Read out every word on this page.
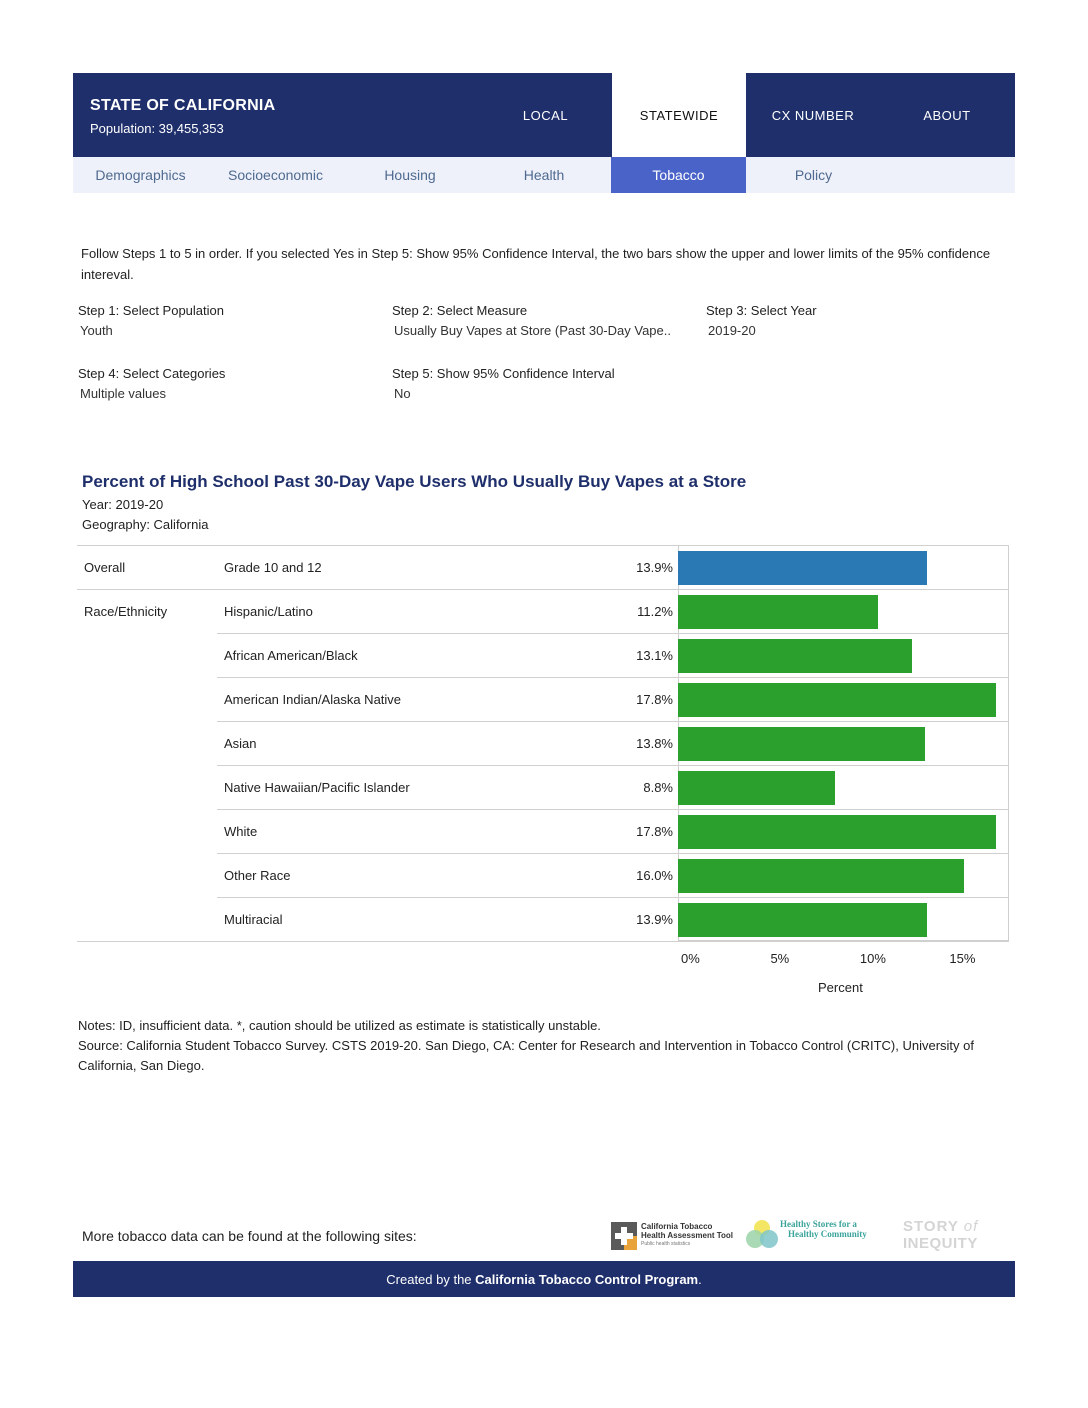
STATE OF CALIFORNIA
Population: 39,455,353
LOCAL	STATEWIDE	CX NUMBER	ABOUT
Demographics	Socioeconomic	Housing	Health	Tobacco	Policy
Follow Steps 1 to 5 in order. If you selected Yes in Step 5: Show 95% Confidence Interval, the two bars show the upper and lower limits of the 95% confidence intereval.
Step 1: Select Population
Youth
Step 2: Select Measure
Usually Buy Vapes at Store (Past 30-Day Vape..
Step 3: Select Year
2019-20
Step 4: Select Categories
Multiple values
Step 5: Show 95% Confidence Interval
No
Percent of High School Past 30-Day Vape Users Who Usually Buy Vapes at a Store
Year: 2019-20
Geography: California
Overall	Grade 10 and 12	13.9%
Race/Ethnicity	Hispanic/Latino	11.2%
African American/Black	13.1%
American Indian/Alaska Native	17.8%
Asian	13.8%
Native Hawaiian/Pacific Islander	8.8%
White	17.8%
Other Race	16.0%
Multiracial	13.9%
0%	5%	10%	15%
Percent
Notes: ID, insufficient data. *, caution should be utilized as estimate is statistically unstable.
Source: California Student Tobacco Survey. CSTS 2019-20. San Diego, CA: Center for Research and Intervention in Tobacco Control (CRITC), University of California, San Diego.
More tobacco data can be found at the following sites:
California Tobacco
Health Assessment Tool
Public health statistics
Healthy Stores for a
Healthy Community STORY of
INEQUITY
Created by the California Tobacco Control Program .
